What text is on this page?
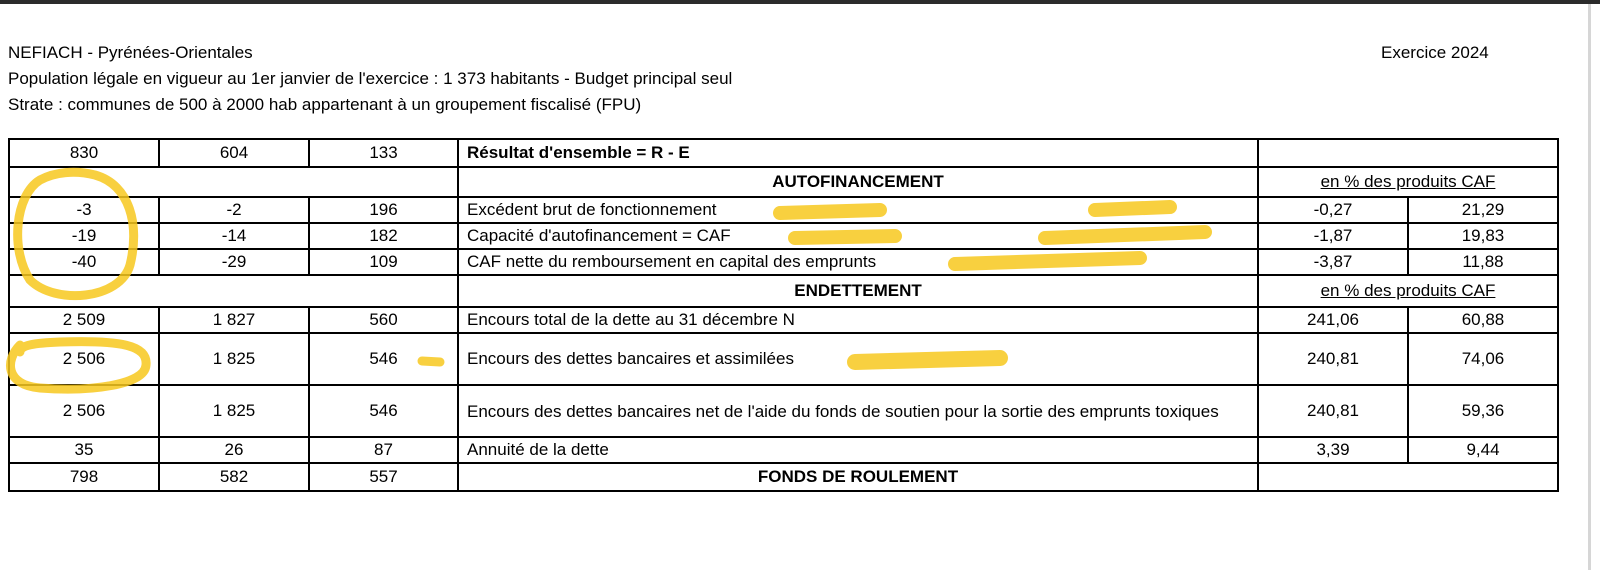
NEFIACH - Pyrénées-Orientales	Exercice 2024
Population légale en vigueur au 1er janvier de l'exercice : 1 373 habitants - Budget principal seul
Strate : communes de 500 à 2000 hab appartenant à un groupement fiscalisé (FPU)
830	604	133	Résultat d'ensemble = R - E		
			AUTOFINANCEMENT	en % des produits CAF	
-3	-2	196	Excédent brut de fonctionnement	-0,27	21,29
-19	-14	182	Capacité d'autofinancement = CAF	-1,87	19,83
-40	-29	109	CAF nette du remboursement en capital des emprunts	-3,87	11,88
			ENDETTEMENT	en % des produits CAF	
2 509	1 827	560	Encours total de la dette au 31 décembre N	241,06	60,88
2 506	1 825	546	Encours des dettes bancaires et assimilées	240,81	74,06
2 506	1 825	546	Encours des dettes bancaires net de l'aide du fonds de soutien pour la sortie des emprunts toxiques	240,81	59,36
35	26	87	Annuité de la dette	3,39	9,44
798	582	557	FONDS DE ROULEMENT		
